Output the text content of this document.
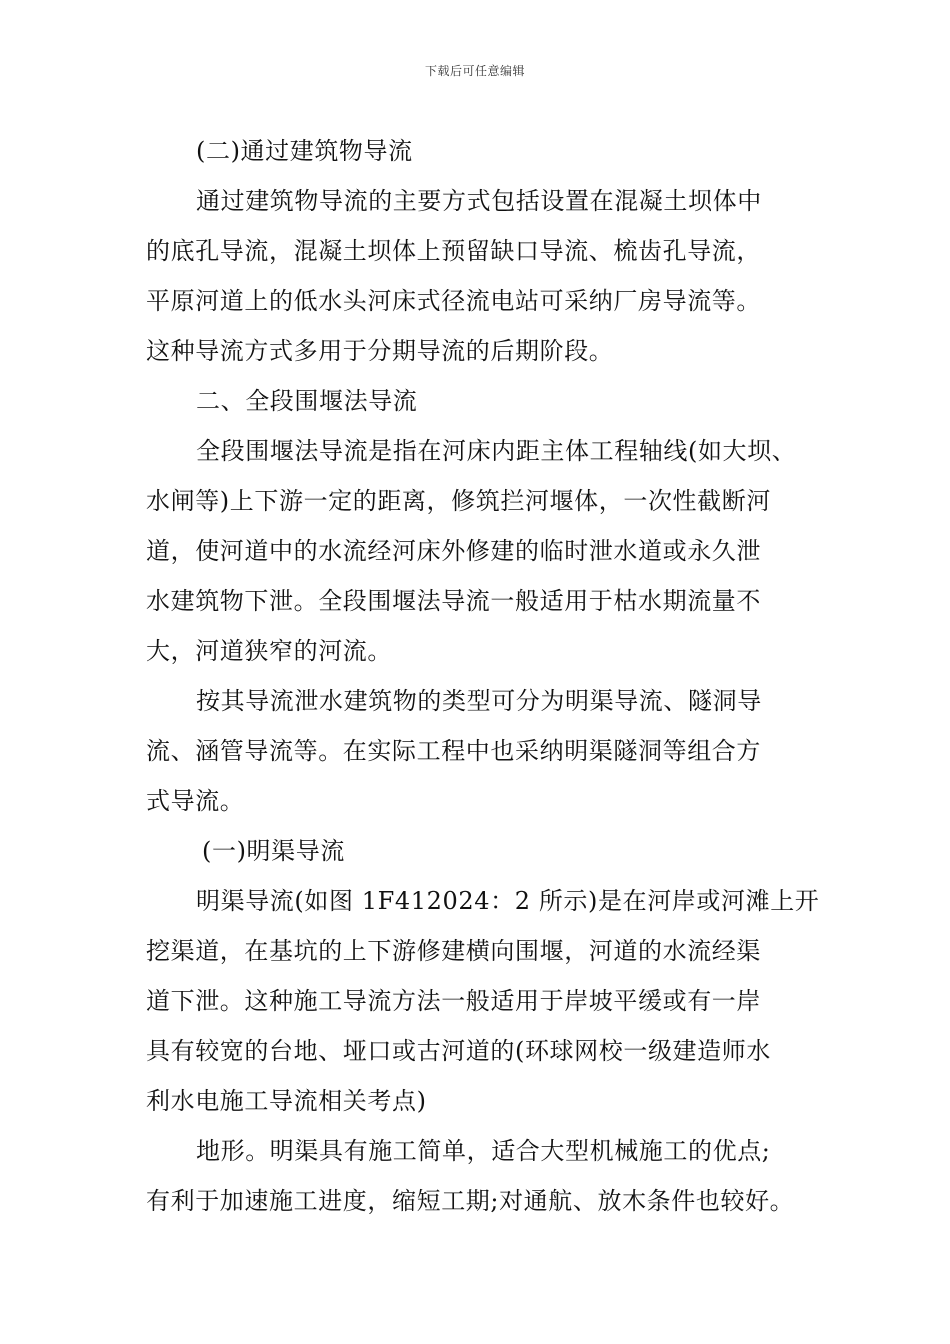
下载后可任意编辑
(二)通过建筑物导流
通过建筑物导流的主要方式包括设置在混凝土坝体中
的底孔导流，混凝土坝体上预留缺口导流、梳齿孔导流，
平原河道上的低水头河床式径流电站可采纳厂房导流等。
这种导流方式多用于分期导流的后期阶段。
二、全段围堰法导流
全段围堰法导流是指在河床内距主体工程轴线(如大坝、
水闸等)上下游一定的距离，修筑拦河堰体，一次性截断河
道，使河道中的水流经河床外修建的临时泄水道或永久泄
水建筑物下泄。全段围堰法导流一般适用于枯水期流量不
大，河道狭窄的河流。
按其导流泄水建筑物的类型可分为明渠导流、隧洞导
流、涵管导流等。在实际工程中也采纳明渠隧洞等组合方
式导流。
(一)明渠导流
明渠导流(如图 1F412024：2 所示)是在河岸或河滩上开
挖渠道，在基坑的上下游修建横向围堰，河道的水流经渠
道下泄。这种施工导流方法一般适用于岸坡平缓或有一岸
具有较宽的台地、垭口或古河道的(环球网校一级建造师水
利水电施工导流相关考点)
地形。明渠具有施工简单，适合大型机械施工的优点;
有利于加速施工进度，缩短工期;对通航、放木条件也较好。
